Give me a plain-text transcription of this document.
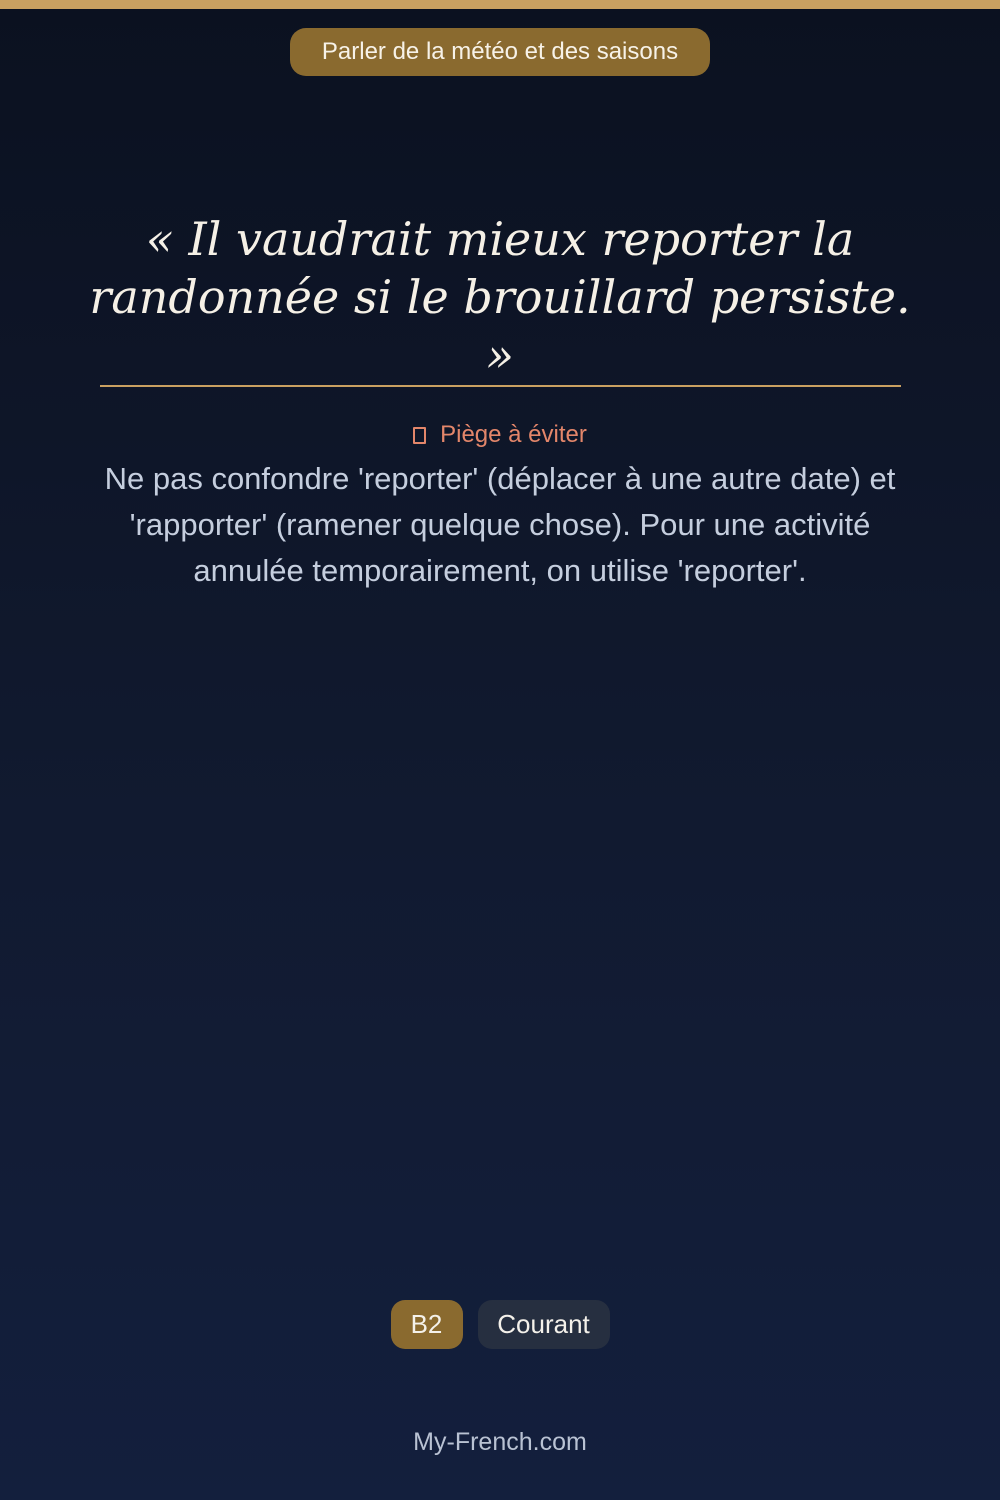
Parler de la météo et des saisons
« Il vaudrait mieux reporter la randonnée si le brouillard persiste. »
Piège à éviter
Ne pas confondre 'reporter' (déplacer à une autre date) et 'rapporter' (ramener quelque chose). Pour une activité annulée temporairement, on utilise 'reporter'.
B2	Courant
My-French.com
